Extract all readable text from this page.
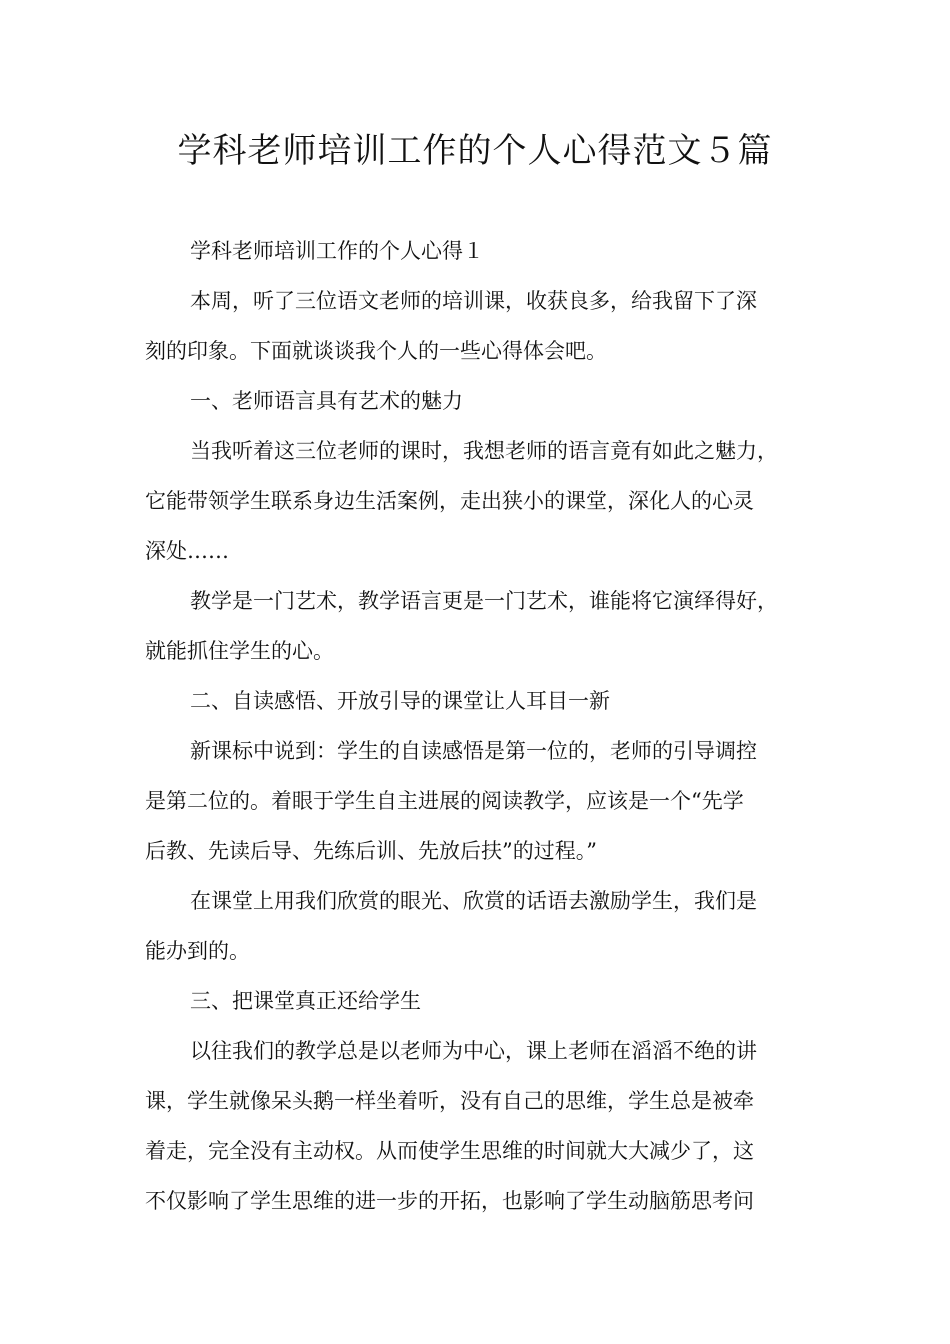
学科老师培训工作的个人心得范文５篇
学科老师培训工作的个人心得１
本周，听了三位语文老师的培训课，收获良多，给我留下了深
刻的印象。下面就谈谈我个人的一些心得体会吧。
一、老师语言具有艺术的魅力
当我听着这三位老师的课时，我想老师的语言竟有如此之魅力，
它能带领学生联系身边生活案例，走出狭小的课堂，深化人的心灵
深处……
教学是一门艺术，教学语言更是一门艺术，谁能将它演绎得好，
就能抓住学生的心。
二、自读感悟、开放引导的课堂让人耳目一新
新课标中说到：学生的自读感悟是第一位的，老师的引导调控
是第二位的。着眼于学生自主进展的阅读教学，应该是一个“先学
后教、先读后导、先练后训、先放后扶”的过程。”
在课堂上用我们欣赏的眼光、欣赏的话语去激励学生，我们是
能办到的。
三、把课堂真正还给学生
以往我们的教学总是以老师为中心，课上老师在滔滔不绝的讲
课，学生就像呆头鹅一样坐着听，没有自己的思维，学生总是被牵
着走，完全没有主动权。从而使学生思维的时间就大大减少了，这
不仅影响了学生思维的进一步的开拓，也影响了学生动脑筋思考问
